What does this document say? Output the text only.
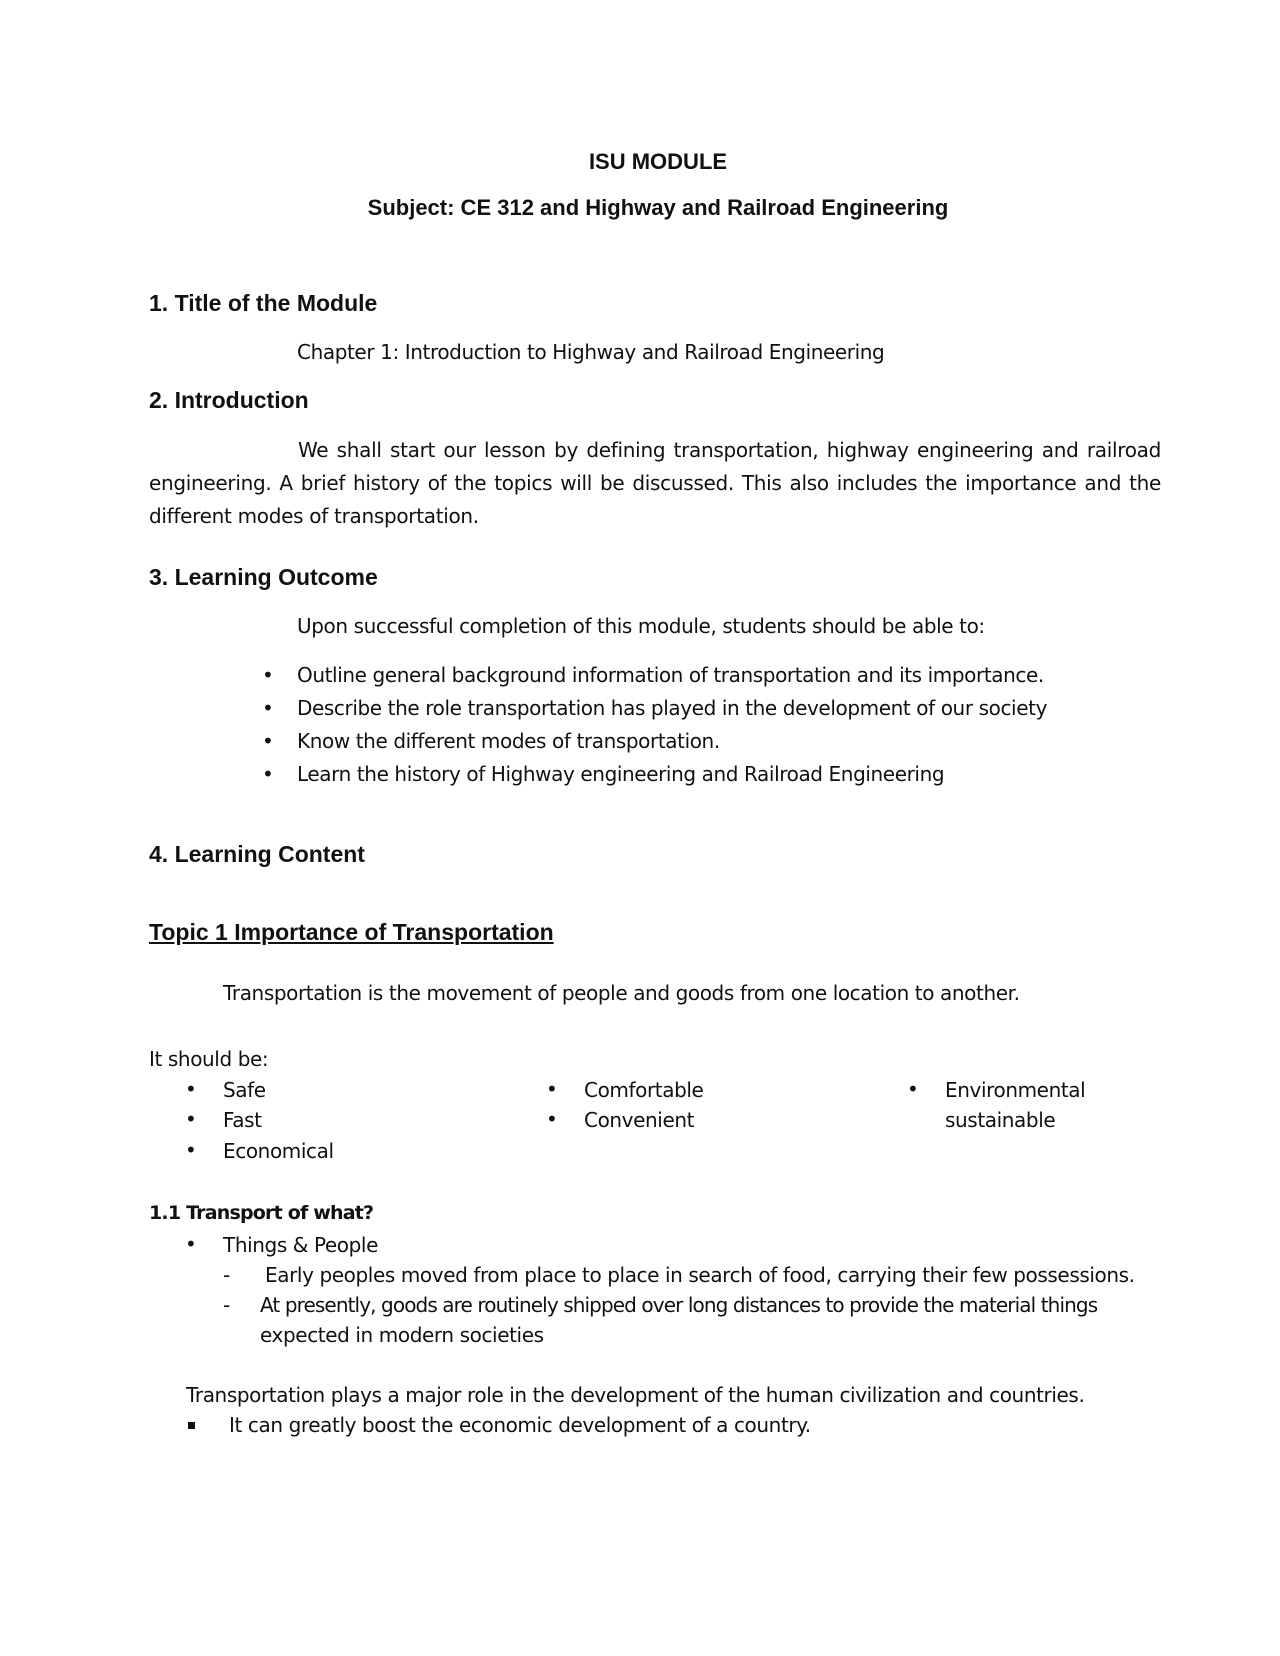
ISU MODULE
Subject: CE 312 and Highway and Railroad Engineering
1. Title of the Module
Chapter 1: Introduction to Highway and Railroad Engineering
2. Introduction
We shall start our lesson by defining transportation, highway engineering and railroad engineering. A brief history of the topics will be discussed. This also includes the importance and the different modes of transportation.
3. Learning Outcome
Upon successful completion of this module, students should be able to:
• Outline general background information of transportation and its importance.
• Describe the role transportation has played in the development of our society
• Know the different modes of transportation.
• Learn the history of Highway engineering and Railroad Engineering
4. Learning Content
Topic 1 Importance of Transportation
Transportation is the movement of people and goods from one location to another.
It should be:
• Safe
• Fast
• Economical
• Comfortable
• Convenient
• Environmental
sustainable
1.1 Transport of what?
• Things & People
- Early peoples moved from place to place in search of food, carrying their few possessions.
- At presently, goods are routinely shipped over long distances to provide the material things
expected in modern societies
Transportation plays a major role in the development of the human civilization and countries.
It can greatly boost the economic development of a country.
